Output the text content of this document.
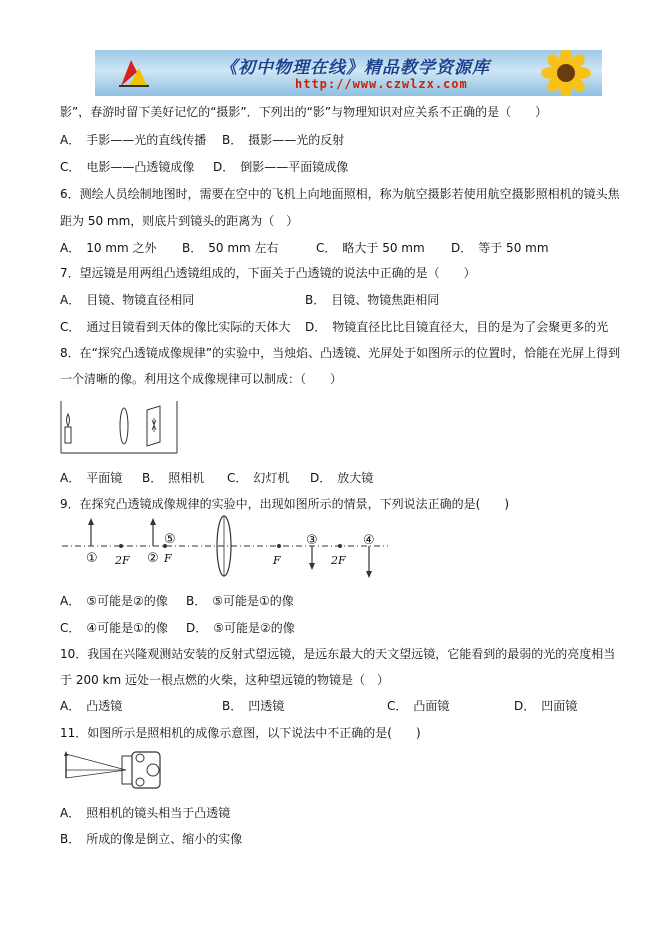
《初中物理在线》精品教学资源库
http://www.czwlzx.com
影”，春游时留下美好记忆的“摄影”．下列出的“影”与物理知识对应关系不正确的是（　　）
A．　手影——光的直线传播 B．　摄影——光的反射
C．　电影——凸透镜成像 D．　倒影——平面镜成像
6．测绘人员绘制地图时，需要在空中的飞机上向地面照相，称为航空摄影若使用航空摄影照相机的镜头焦
距为 50 mm，则底片到镜头的距离为（　）
A．　10 mm 之外 B．　50 mm 左右	C．　略大于 50 mm D．　等于 50 mm
7．望远镜是用两组凸透镜组成的，下面关于凸透镜的说法中正确的是（　　）
A．　目镜、物镜直径相同	B．　目镜、物镜焦距相同
C．　通过目镜看到天体的像比实际的天体大 D．　物镜直径比比目镜直径大，目的是为了会聚更多的光
8．在“探究凸透镜成像规律”的实验中，当烛焰、凸透镜、光屏处于如图所示的位置时，恰能在光屏上得到
一个清晰的像。利用这个成像规律可以制成：（　　）
A．　平面镜 B．　照相机 C．　幻灯机 D．　放大镜
9．在探究凸透镜成像规律的实验中，出现如图所示的情景，下列说法正确的是(　　)
2F	F	F	2F
①	②
⑤	③	④
A．　⑤可能是②的像 B．　⑤可能是①的像
C．　④可能是①的像 D．　⑤可能是②的像
10．我国在兴隆观测站安装的反射式望远镜，是远东最大的天文望远镜，它能看到的最弱的光的亮度相当
于 200 km 远处一根点燃的火柴，这种望远镜的物镜是（　）
A．　凸透镜	B．　凹透镜	C．　凸面镜	D．　凹面镜
11．如图所示是照相机的成像示意图，以下说法中不正确的是(　　)
A．　照相机的镜头相当于凸透镜
B．　所成的像是倒立、缩小的实像
